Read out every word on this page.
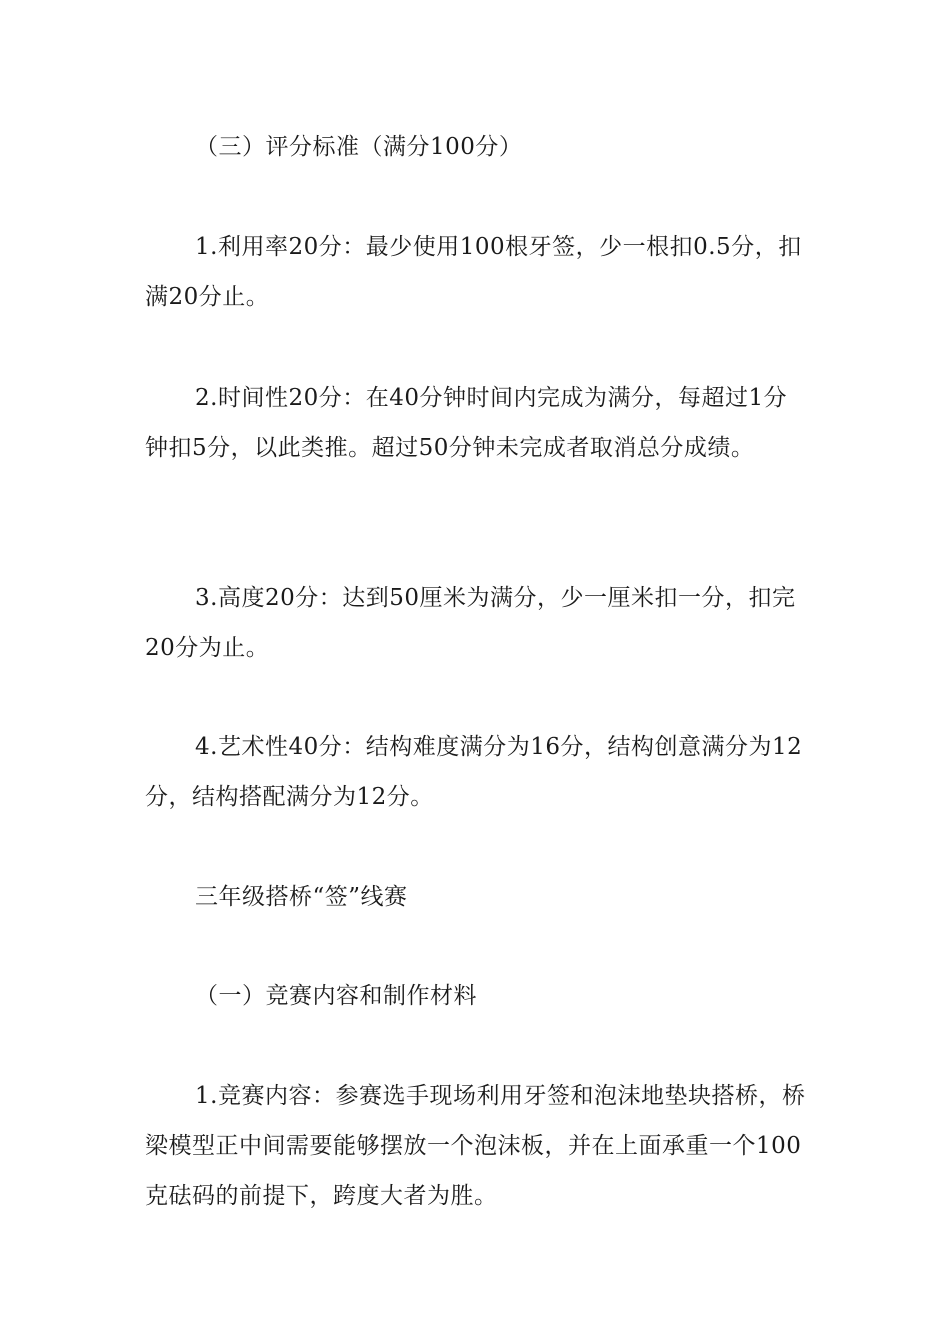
（三）评分标准（满分100分）

1.利用率20分：最少使用100根牙签，少一根扣0.5分，扣满20分止。

2.时间性20分：在40分钟时间内完成为满分，每超过1分钟扣5分，以此类推。超过50分钟未完成者取消总分成绩。

3.高度20分：达到50厘米为满分，少一厘米扣一分，扣完20分为止。

4.艺术性40分：结构难度满分为16分，结构创意满分为12分，结构搭配满分为12分。

三年级搭桥“签”线赛

（一）竞赛内容和制作材料

1.竞赛内容：参赛选手现场利用牙签和泡沫地垫块搭桥，桥梁模型正中间需要能够摆放一个泡沫板，并在上面承重一个100克砝码的前提下，跨度大者为胜。
